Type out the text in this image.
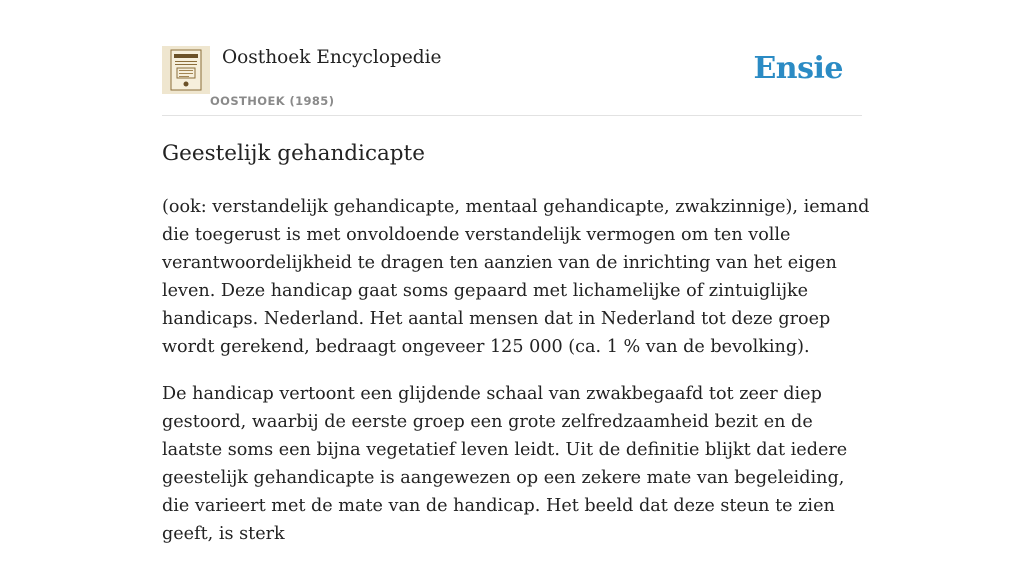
Oosthoek Encyclopedie
OOSTHOEK (1985)
Ensie
Geestelijk gehandicapte

(ook: verstandelijk gehandicapte, mentaal gehandicapte, zwakzinnige), iemand die toegerust is met onvoldoende verstandelijk vermogen om ten volle verantwoordelijkheid te dragen ten aanzien van de inrichting van het eigen leven. Deze handicap gaat soms gepaard met lichamelijke of zintuiglijke handicaps. Nederland. Het aantal mensen dat in Nederland tot deze groep wordt gerekend, bedraagt ongeveer 125 000 (ca. 1 % van de bevolking).

De handicap vertoont een glijdende schaal van zwakbegaafd tot zeer diep gestoord, waarbij de eerste groep een grote zelfredzaamheid bezit en de laatste soms een bijna vegetatief leven leidt. Uit de definitie blijkt dat iedere geestelijk gehandicapte is aangewezen op een zekere mate van begeleiding, die varieert met de mate van de handicap. Het beeld dat deze steun te zien geeft, is sterk
